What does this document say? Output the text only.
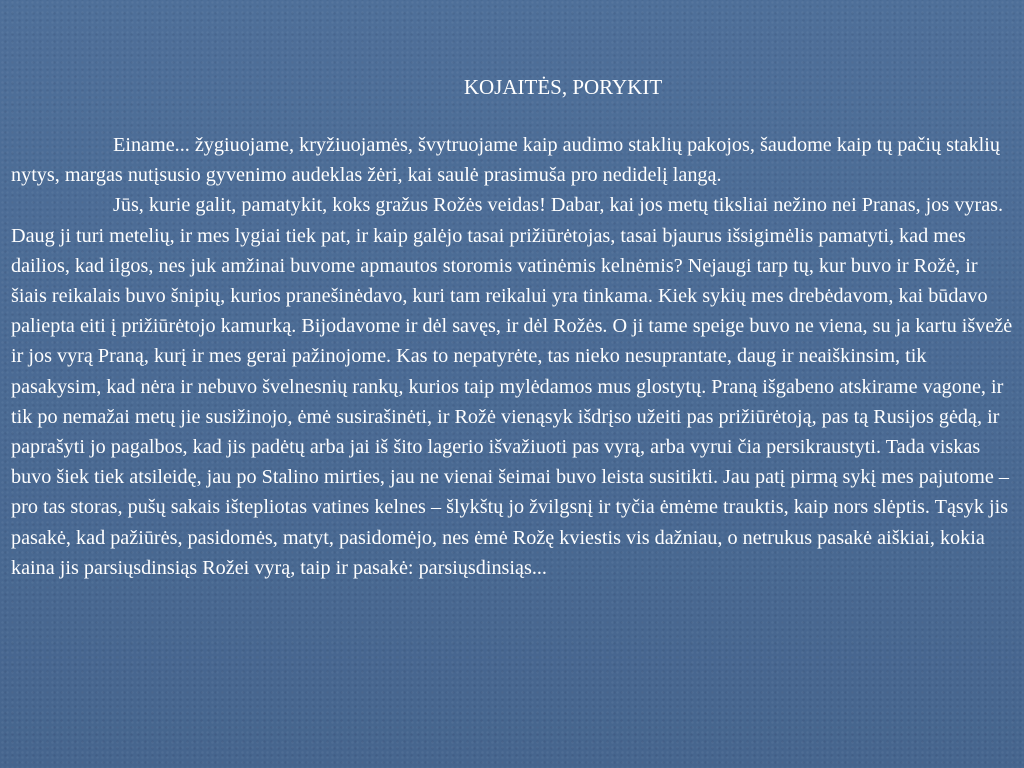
KOJAITĖS, PORYKIT

Einame... žygiuojame, kryžiuojamės, švytruojame kaip audimo staklių pakojos, šaudome kaip tų pačių staklių nytys, margas nutįsusio gyvenimo audeklas žėri, kai saulė prasimuša pro nedidelį langą.

Jūs, kurie galit, pamatykit, koks gražus Rožės veidas! Dabar, kai jos metų tiksliai nežino nei Pranas, jos vyras. Daug ji turi metelių, ir mes lygiai tiek pat, ir kaip galėjo tasai prižiūrėtojas, tasai bjaurus išsigimėlis pamatyti, kad mes dailios, kad ilgos, nes juk amžinai buvome apmautos storomis vatinėmis kelnėmis? Nejaugi tarp tų, kur buvo ir Rožė, ir šiais reikalais buvo šnipių, kurios pranešinėdavo, kuri tam reikalui yra tinkama. Kiek sykių mes drebėdavom, kai būdavo paliepta eiti į prižiūrėtojo kamurką. Bijodavome ir dėl savęs, ir dėl Rožės. O ji tame speige buvo ne viena, su ja kartu išvežė ir jos vyrą Praną, kurį ir mes gerai pažinojome. Kas to nepatyrėte, tas nieko nesuprantate, daug ir neaiškinsim, tik pasakysim, kad nėra ir nebuvo švelnesnių rankų, kurios taip mylėdamos mus glostytų. Praną išgabeno atskirame vagone, ir tik po nemažai metų jie susižinojo, ėmė susirašinėti, ir Rožė vienąsyk išdrįso užeiti pas prižiūrėtoją, pas tą Rusijos gėdą, ir paprašyti jo pagalbos, kad jis padėtų arba jai iš šito lagerio išvažiuoti pas vyrą, arba vyrui čia persikraustyti. Tada viskas buvo šiek tiek atsileidę, jau po Stalino mirties, jau ne vienai šeimai buvo leista susitikti. Jau patį pirmą sykį mes pajutome – pro tas storas, pušų sakais ištepliotas vatines kelnes – šlykštų jo žvilgsnį ir tyčia ėmėme trauktis, kaip nors slėptis. Tąsyk jis pasakė, kad pažiūrės, pasidomės, matyt, pasidomėjo, nes ėmė Rožę kviestis vis dažniau, o netrukus pasakė aiškiai, kokia kaina jis parsiųsdinsiąs Rožei vyrą, taip ir pasakė: parsiųsdinsiąs...
